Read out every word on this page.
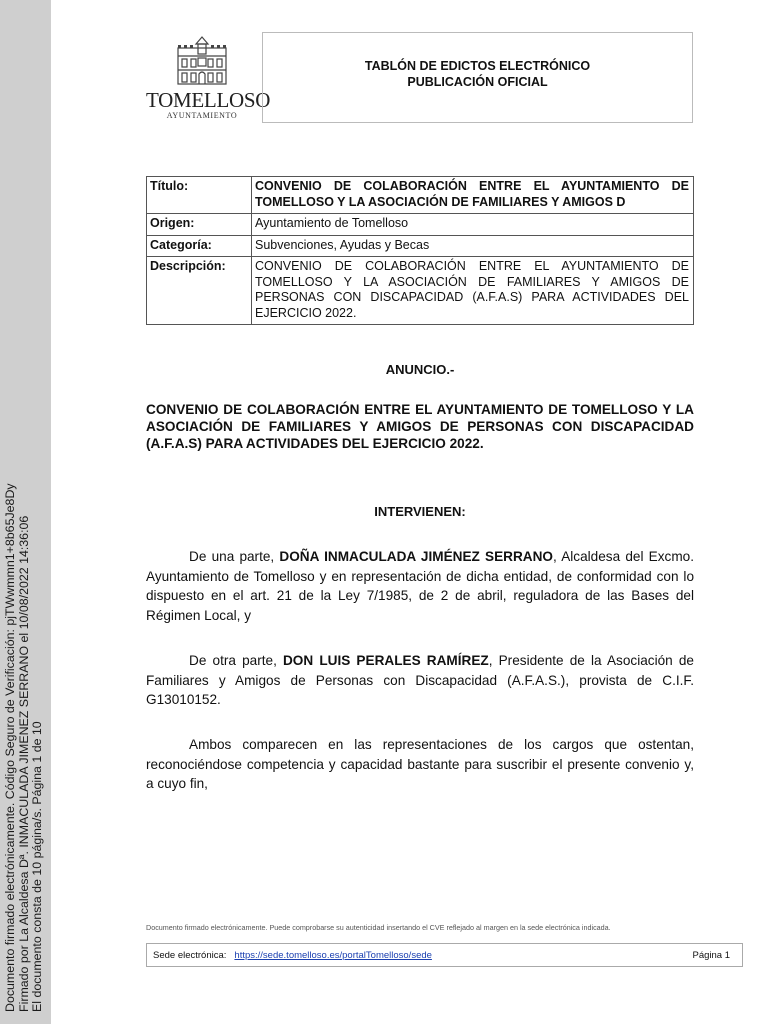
Documento firmado electrónicamente. Código Seguro de Verificación: pjTWwmmn1+8b65Je8Dy Firmado por La Alcaldesa Dª. INMACULADA JIMENEZ SERRANO el 10/08/2022 14:36:06 El documento consta de 10 página/s. Página 1 de 10
TOMELLOSO
AYUNTAMIENTO
TABLÓN DE EDICTOS ELECTRÓNICO
PUBLICACIÓN OFICIAL
Título:	CONVENIO DE COLABORACIÓN ENTRE EL AYUNTAMIENTO DE TOMELLOSO Y LA ASOCIACIÓN DE FAMILIARES Y AMIGOS D
Origen:	Ayuntamiento de Tomelloso
Categoría:	Subvenciones, Ayudas y Becas
Descripción:	CONVENIO DE COLABORACIÓN ENTRE EL AYUNTAMIENTO DE TOMELLOSO Y LA ASOCIACIÓN DE FAMILIARES Y AMIGOS DE PERSONAS CON DISCAPACIDAD (A.F.A.S) PARA ACTIVIDADES DEL EJERCICIO 2022.
ANUNCIO.-
CONVENIO DE COLABORACIÓN ENTRE EL AYUNTAMIENTO DE TOMELLOSO Y LA ASOCIACIÓN DE FAMILIARES Y AMIGOS DE PERSONAS CON DISCAPACIDAD (A.F.A.S) PARA ACTIVIDADES DEL EJERCICIO 2022.
INTERVIENEN:
De una parte, DOÑA INMACULADA JIMÉNEZ SERRANO, Alcaldesa del Excmo. Ayuntamiento de Tomelloso y en representación de dicha entidad, de conformidad con lo dispuesto en el art. 21 de la Ley 7/1985, de 2 de abril, reguladora de las Bases del Régimen Local, y
De otra parte, DON LUIS PERALES RAMÍREZ, Presidente de la Asociación de Familiares y Amigos de Personas con Discapacidad (A.F.A.S.), provista de C.I.F. G13010152.
Ambos comparecen en las representaciones de los cargos que ostentan, reconociéndose competencia y capacidad bastante para suscribir el presente convenio y, a cuyo fin,
Documento firmado electrónicamente. Puede comprobarse su autenticidad insertando el CVE reflejado al margen en la sede electrónica indicada.
Sede electrónica: https://sede.tomelloso.es/portalTomelloso/sede	Página 1
